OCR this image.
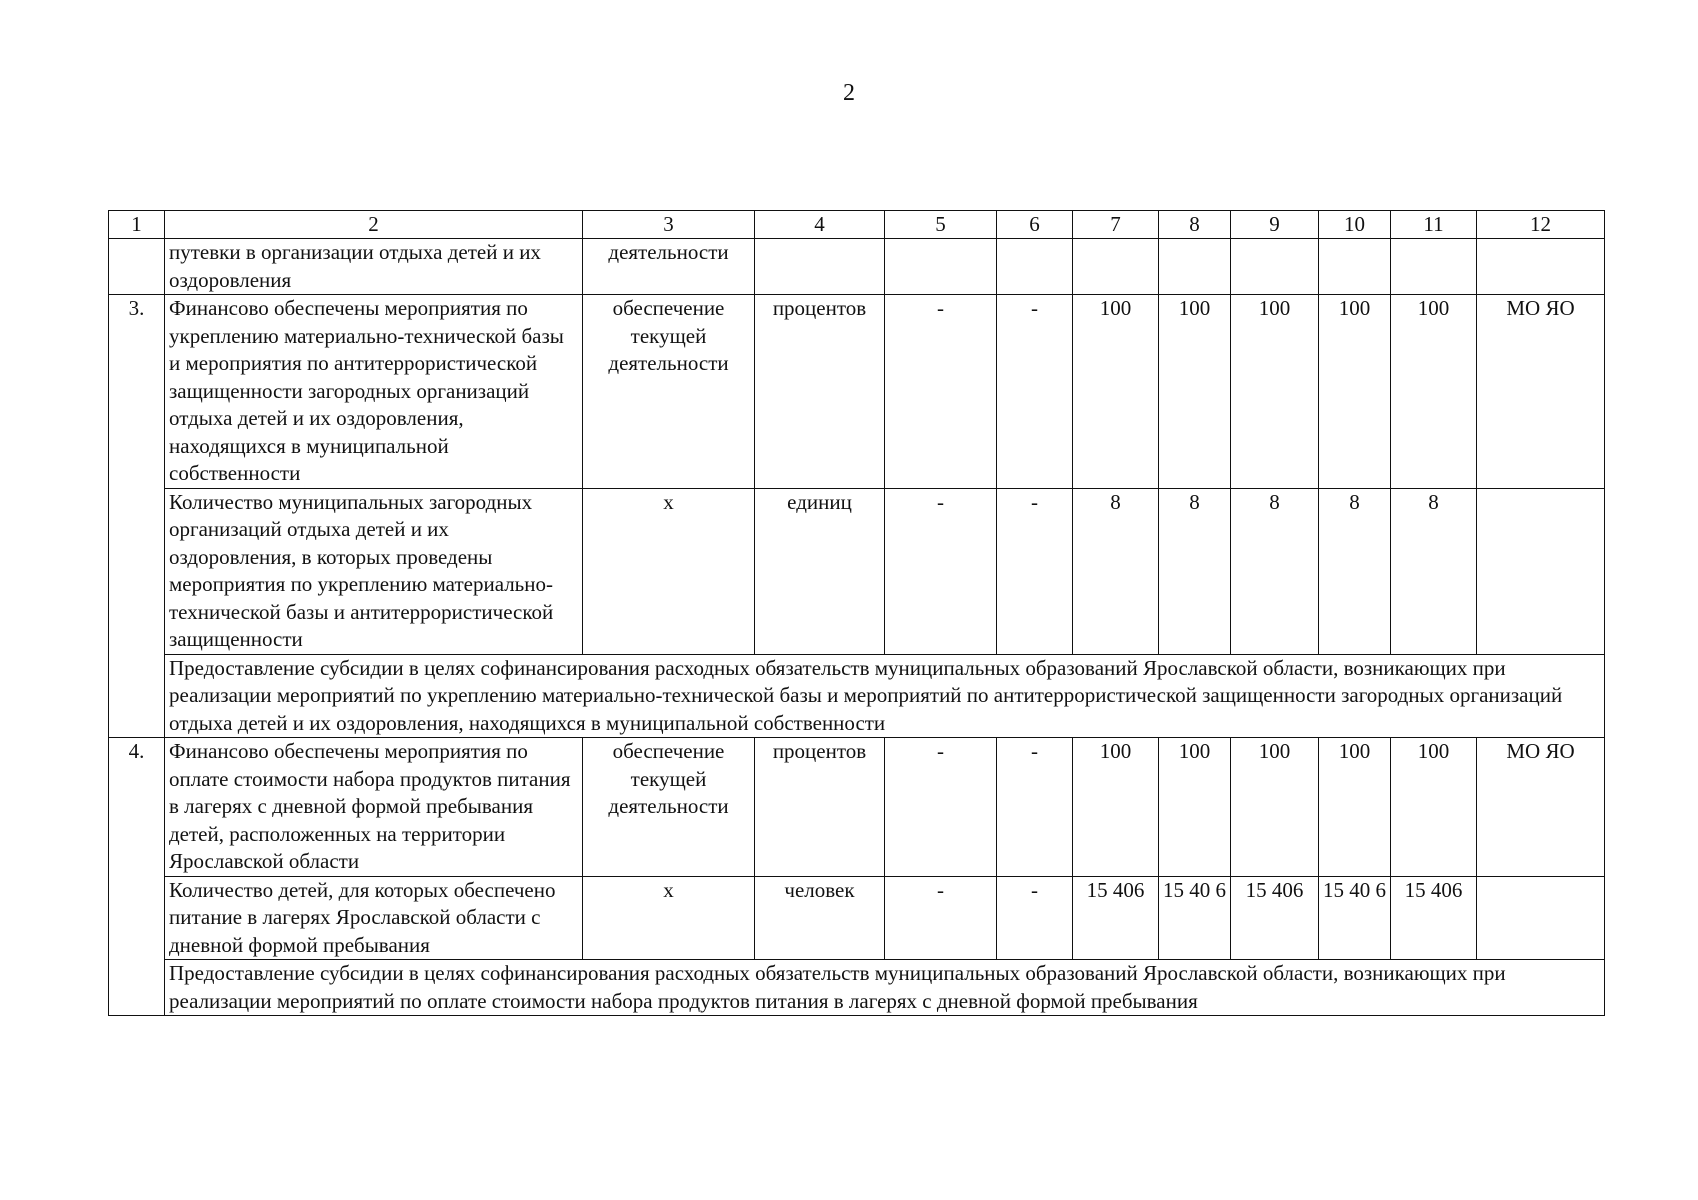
2
1	2	3	4	5	6	7	8	9	10	11	12
	путевки в организации отдыха детей и их оздоровления	деятельности									
3.	Финансово обеспечены мероприятия по укреплению материально-технической базы и мероприятия по антитеррористической защищенности загородных организаций отдыха детей и их оздоровления, находящихся в муниципальной собственности	обеспечение текущей деятельности	процентов	-	-	100	100	100	100	100	МО ЯО
	Количество муниципальных загородных организаций отдыха детей и их оздоровления, в которых проведены мероприятия по укреплению материально-технической базы и антитеррористической защищенности	х	единиц	-	-	8	8	8	8	8	
	Предоставление субсидии в целях софинансирования расходных обязательств муниципальных образований Ярославской области, возникающих при реализации мероприятий по укреплению материально-технической базы и мероприятий по антитеррористической защищенности загородных организаций отдыха детей и их оздоровления, находящихся в муниципальной собственности										
4.	Финансово обеспечены мероприятия по оплате стоимости набора продуктов питания в лагерях с дневной формой пребывания детей, расположенных на территории Ярославской области	обеспечение текущей деятельности	процентов	-	-	100	100	100	100	100	МО ЯО
	Количество детей, для которых обеспечено питание в лагерях Ярославской области с дневной формой пребывания	х	человек	-	-	15 406	15 40 6	15 406	15 40 6	15 406	
	Предоставление субсидии в целях софинансирования расходных обязательств муниципальных образований Ярославской области, возникающих при реализации мероприятий по оплате стоимости набора продуктов питания в лагерях с дневной формой пребывания										
